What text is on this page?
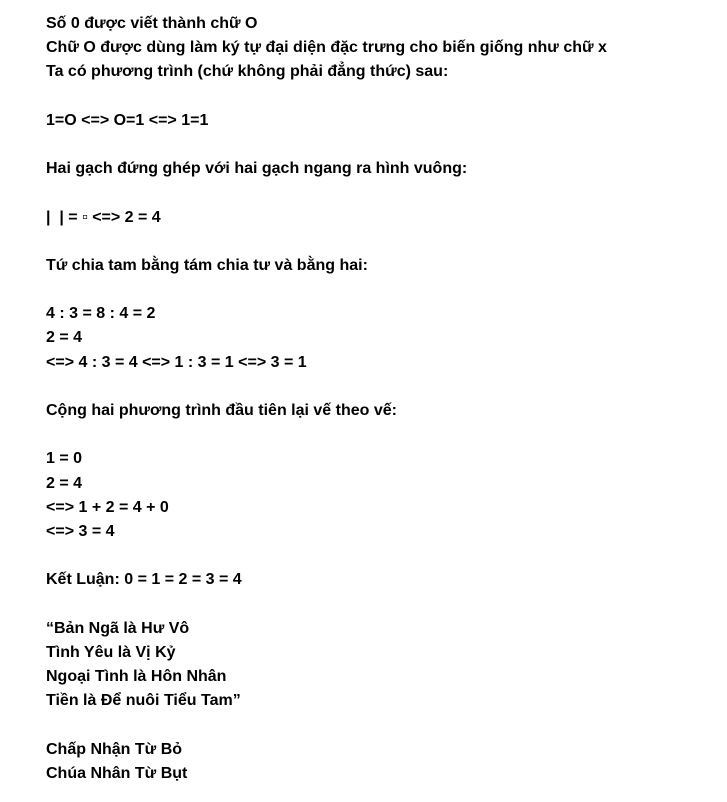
Số 0 được viết thành chữ O
Chữ O được dùng làm ký tự đại diện đặc trưng cho biến giống như chữ x
Ta có phương trình (chứ không phải đẳng thức) sau:
1=O <=> O=1 <=> 1=1
Hai gạch đứng ghép với hai gạch ngang ra hình vuông:
|  | = ▫ <=> 2 = 4
Tứ chia tam bằng tám chia tư và bằng hai:
4 : 3 = 8 : 4 = 2
2 = 4
<=> 4 : 3 = 4 <=> 1 : 3 = 1 <=> 3 = 1
Cộng hai phương trình đầu tiên lại vế theo vế:
1 = 0
2 = 4
<=> 1 + 2 = 4 + 0
<=> 3 = 4
Kết Luận: 0 = 1 = 2 = 3 = 4
“Bản Ngã là Hư Vô
Tình Yêu là Vị Kỷ
Ngoại Tình là Hôn Nhân
Tiền là Để nuôi Tiểu Tam”
Chấp Nhận Từ Bỏ
Chúa Nhân Từ Bụt
